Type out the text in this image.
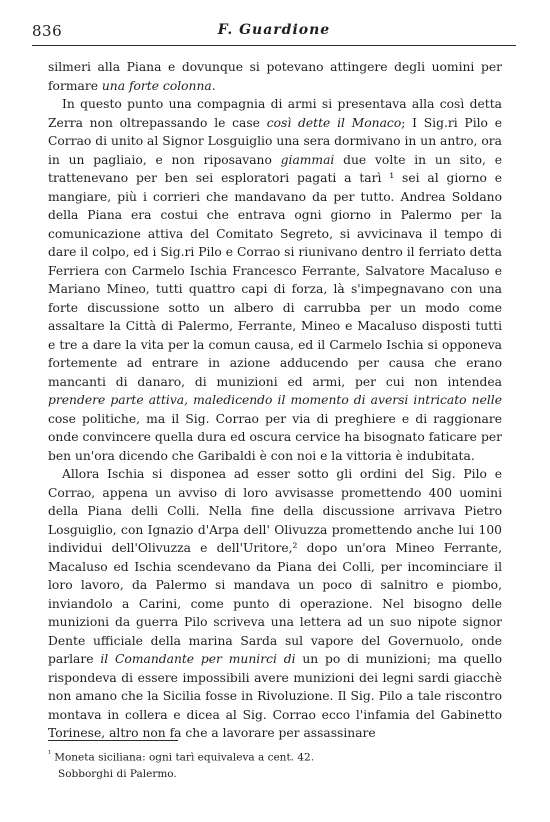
836	F. Guardione

silmeri alla Piana e dovunque si potevano attingere degli uomini per formare una forte colonna.

In questo punto una compagnia di armi si presentava alla così detta Zerra non oltrepassando le case così dette il Monaco; I Sig.ri Pilo e Corrao di unito al Signor Losguiglio una sera dormivano in un antro, ora in un pagliaio, e non riposavano giammai due volte in un sito, e trattenevano per ben sei esploratori pagati a tarì ¹ sei al giorno e mangiare, più i corrieri che mandavano da per tutto. Andrea Soldano della Piana era costui che entrava ogni giorno in Palermo per la comunicazione attiva del Comitato Segreto, si avvicinava il tempo di dare il colpo, ed i Sig.ri Pilo e Corrao si riunivano dentro il ferriato detta Ferriera con Carmelo Ischia Francesco Ferrante, Salvatore Macaluso e Mariano Mineo, tutti quattro capi di forza, là s'impegnavano con una forte discussione sotto un albero di carrubba per un modo come assaltare la Città di Palermo, Ferrante, Mineo e Macaluso disposti tutti e tre a dare la vita per la comun causa, ed il Carmelo Ischia si opponeva fortemente ad entrare in azione adducendo per causa che erano mancanti di danaro, di munizioni ed armi, per cui non intendea prendere parte attiva, maledicendo il momento di aversi intricato nelle cose politiche, ma il Sig. Corrao per via di preghiere e di raggionare onde convincere quella dura ed oscura cervice ha bisognato faticare per ben un'ora dicendo che Garibaldi è con noi e la vittoria è indubitata.

Allora Ischia si disponea ad esser sotto gli ordini del Sig. Pilo e Corrao, appena un avviso di loro avvisasse promettendo 400 uomini della Piana delli Colli. Nella fine della discussione arrivava Pietro Losguiglio, con Ignazio d'Arpa dell' Olivuzza promettendo anche lui 100 individui dell'Olivuzza e dell'Uritore,² dopo un'ora Mineo Ferrante, Macaluso ed Ischia scendevano da Piana dei Colli, per incominciare il loro lavoro, da Palermo si mandava un poco di salnitro e piombo, inviandolo a Carini, come punto di operazione. Nel bisogno delle munizioni da guerra Pilo scriveva una lettera ad un suo nipote signor Dente ufficiale della marina Sarda sul vapore del Governuolo, onde parlare il Comandante per munirci di un po di munizioni; ma quello rispondeva di essere impossibili avere munizioni dei legni sardi giacchè non amano che la Sicilia fosse in Rivoluzione. Il Sig. Pilo a tale riscontro montava in collera e dicea al Sig. Corrao ecco l'infamia del Gabinetto Torinese, altro non fa che a lavorare per assassinare

$^{^1}$ Moneta siciliana: ogni tarì equivaleva a cent. 42.

Sobborghi di Palermo.
